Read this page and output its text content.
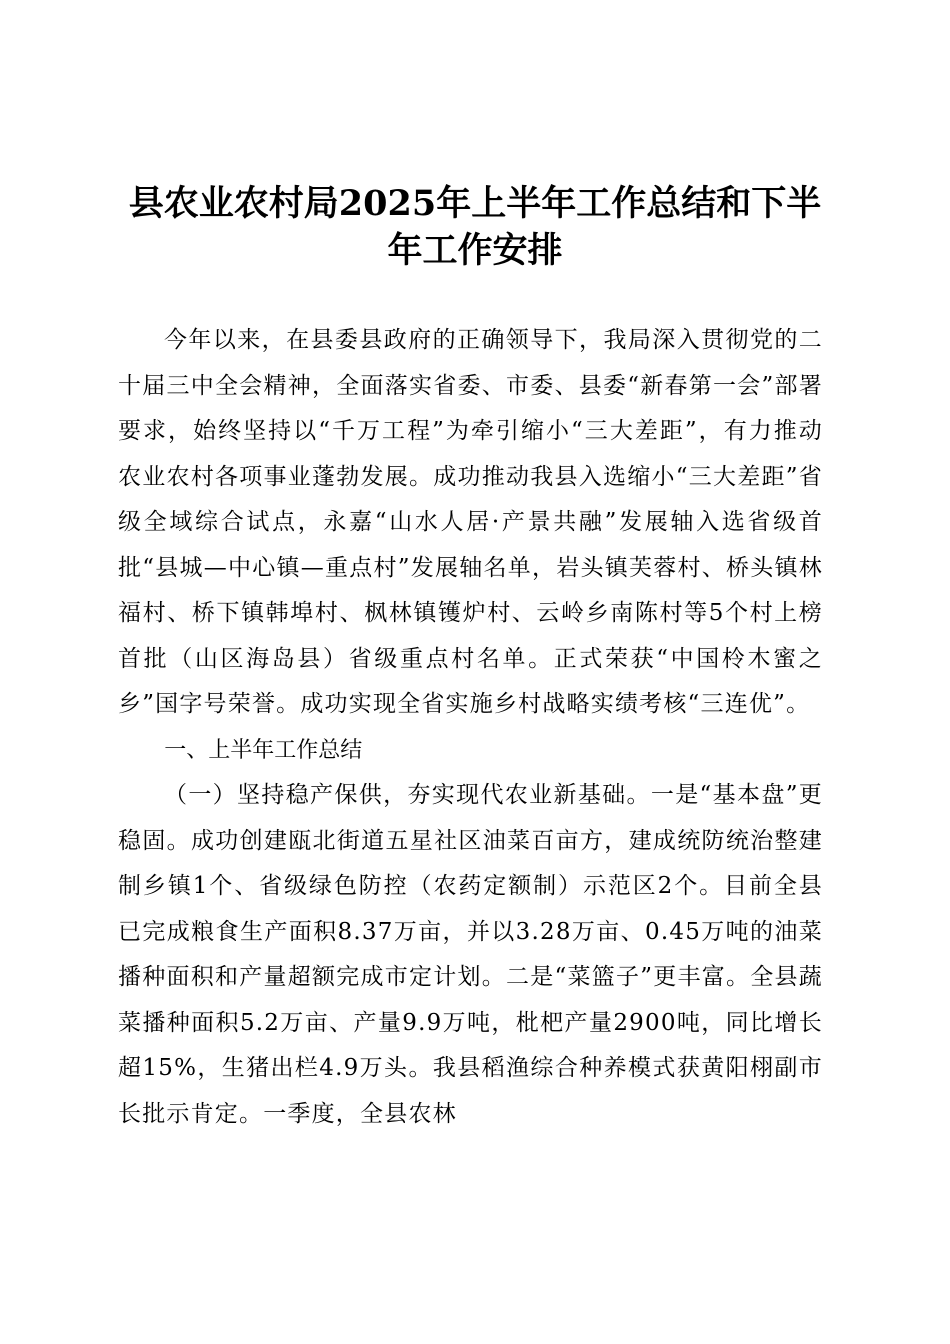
县农业农村局2025年上半年工作总结和下半年工作安排

今年以来，在县委县政府的正确领导下，我局深入贯彻党的二十届三中全会精神，全面落实省委、市委、县委“新春第一会”部署要求，始终坚持以“千万工程”为牵引缩小“三大差距”，有力推动农业农村各项事业蓬勃发展。成功推动我县入选缩小“三大差距”省级全域综合试点，永嘉“山水人居·产景共融”发展轴入选省级首批“县城—中心镇—重点村”发展轴名单，岩头镇芙蓉村、桥头镇林福村、桥下镇韩埠村、枫林镇镬炉村、云岭乡南陈村等5个村上榜首批（山区海岛县）省级重点村名单。正式荣获“中国柃木蜜之乡”国字号荣誉。成功实现全省实施乡村战略实绩考核“三连优”。

一、上半年工作总结

（一）坚持稳产保供，夯实现代农业新基础。一是“基本盘”更稳固。成功创建瓯北街道五星社区油菜百亩方，建成统防统治整建制乡镇1个、省级绿色防控（农药定额制）示范区2个。目前全县已完成粮食生产面积8.37万亩，并以3.28万亩、0.45万吨的油菜播种面积和产量超额完成市定计划。二是“菜篮子”更丰富。全县蔬菜播种面积5.2万亩、产量9.9万吨，枇杷产量2900吨，同比增长超15%，生猪出栏4.9万头。我县稻渔综合种养模式获黄阳栩副市长批示肯定。一季度，全县农林
